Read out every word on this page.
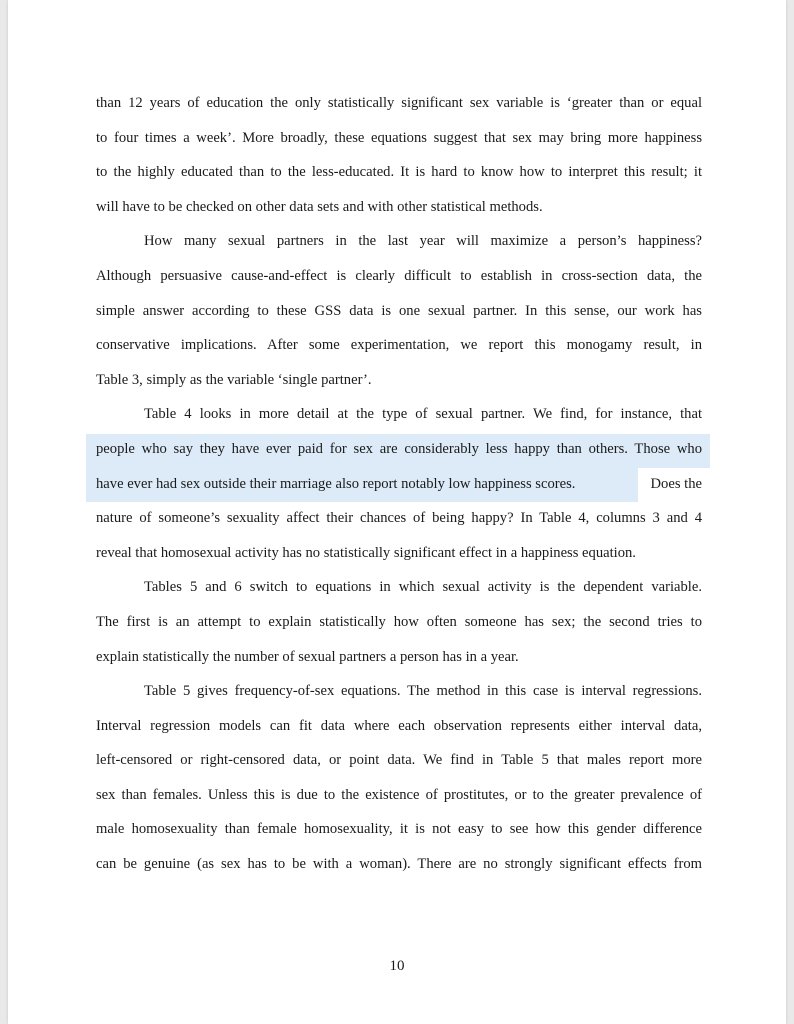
than 12 years of education the only statistically significant sex variable is ‘greater than or equal
to four times a week’. More broadly, these equations suggest that sex may bring more happiness
to the highly educated than to the less-educated. It is hard to know how to interpret this result; it
will have to be checked on other data sets and with other statistical methods.
How many sexual partners in the last year will maximize a person’s happiness?
Although persuasive cause-and-effect is clearly difficult to establish in cross-section data, the
simple answer according to these GSS data is one sexual partner. In this sense, our work has
conservative implications. After some experimentation, we report this monogamy result, in
Table 3, simply as the variable ‘single partner’.
Table 4 looks in more detail at the type of sexual partner. We find, for instance, that
people who say they have ever paid for sex are considerably less happy than others. Those who
have ever had sex outside their marriage also report notably low happiness scores.	Does the
nature of someone’s sexuality affect their chances of being happy? In Table 4, columns 3 and 4
reveal that homosexual activity has no statistically significant effect in a happiness equation.
Tables 5 and 6 switch to equations in which sexual activity is the dependent variable.
The first is an attempt to explain statistically how often someone has sex; the second tries to
explain statistically the number of sexual partners a person has in a year.
Table 5 gives frequency-of-sex equations. The method in this case is interval regressions.
Interval regression models can fit data where each observation represents either interval data,
left-censored or right-censored data, or point data. We find in Table 5 that males report more
sex than females. Unless this is due to the existence of prostitutes, or to the greater prevalence of
male homosexuality than female homosexuality, it is not easy to see how this gender difference
can be genuine (as sex has to be with a woman). There are no strongly significant effects from
10
